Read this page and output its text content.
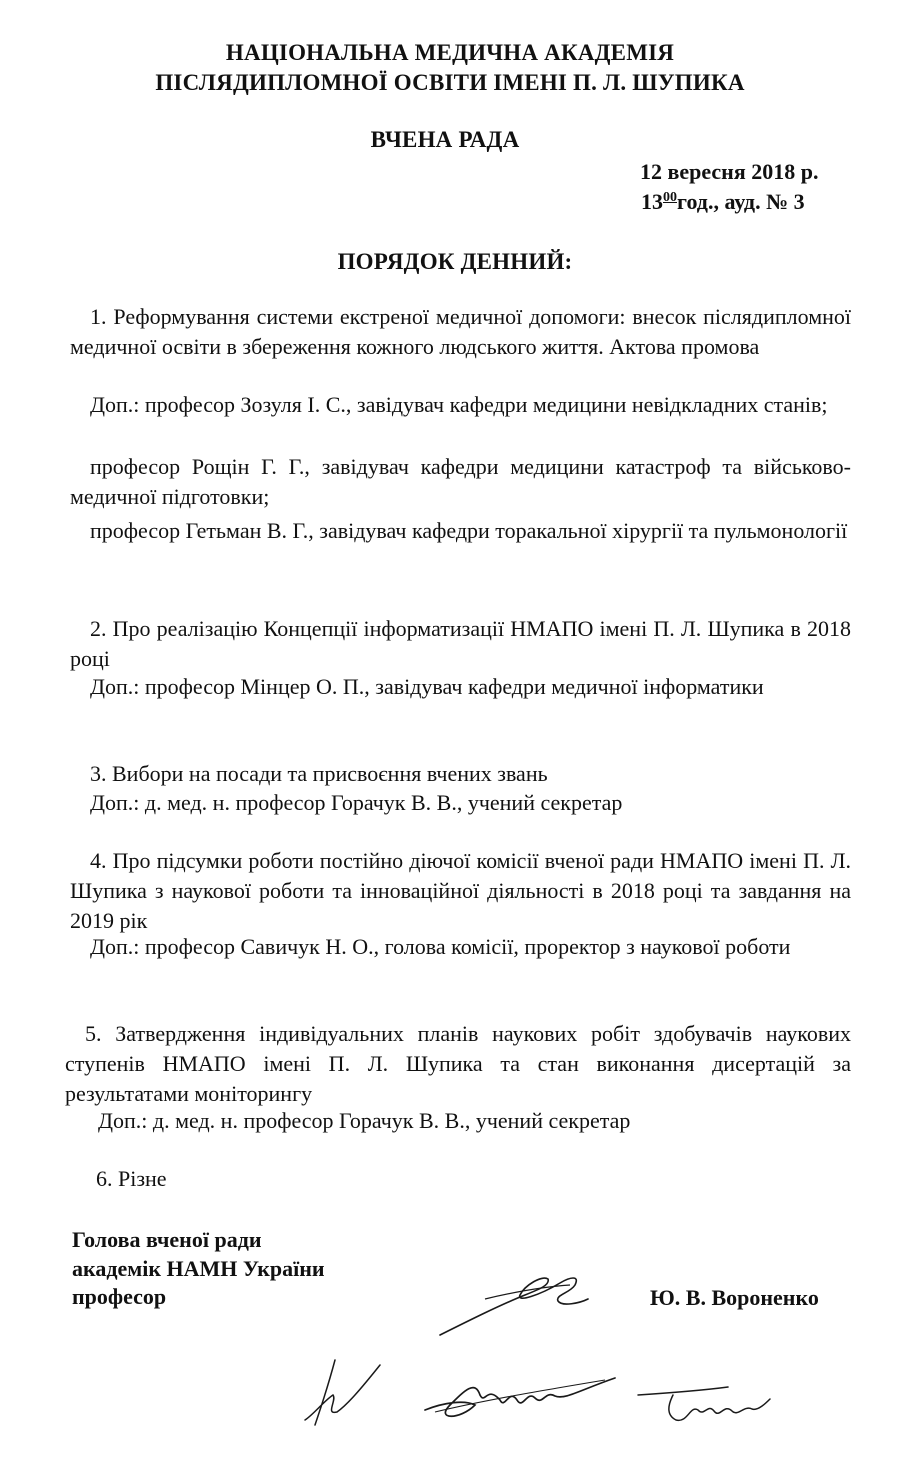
НАЦІОНАЛЬНА МЕДИЧНА АКАДЕМІЯ
ПІСЛЯДИПЛОМНОЇ ОСВІТИ ІМЕНІ П. Л. ШУПИКА
ВЧЕНА РАДА
12 вересня 2018 р.
$13^{00}год$., ауд. № 3
ПОРЯДОК ДЕННИЙ:
1. Реформування системи екстреної медичної допомоги: внесок післядипломної медичної освіти в збереження кожного людського життя. Актова промова
Доп.: професор Зозуля І. С., завідувач кафедри медицини невідкладних станів;
професор Рощін Г. Г., завідувач кафедри медицини катастроф та військово-медичної підготовки;
професор Гетьман В. Г., завідувач кафедри торакальної хірургії та пульмонології
2. Про реалізацію Концепції інформатизації НМАПО імені П. Л. Шупика в 2018 році
Доп.: професор Мінцер О. П., завідувач кафедри медичної інформатики
3. Вибори на посади та присвоєння вчених звань
Доп.: д. мед. н. професор Горачук В. В., учений секретар
4. Про підсумки роботи постійно діючої комісії вченої ради НМАПО імені П. Л. Шупика з наукової роботи та інноваційної діяльності в 2018 році та завдання на 2019 рік
Доп.: професор Савичук Н. О., голова комісії, проректор з наукової роботи
5. Затвердження індивідуальних планів наукових робіт здобувачів наукових ступенів НМАПО імені П. Л. Шупика та стан виконання дисертацій за результатами моніторингу
Доп.: д. мед. н. професор Горачук В. В., учений секретар
6. Різне
Голова вченої ради
академік НАМН України
професор	Ю. В. Вороненко
